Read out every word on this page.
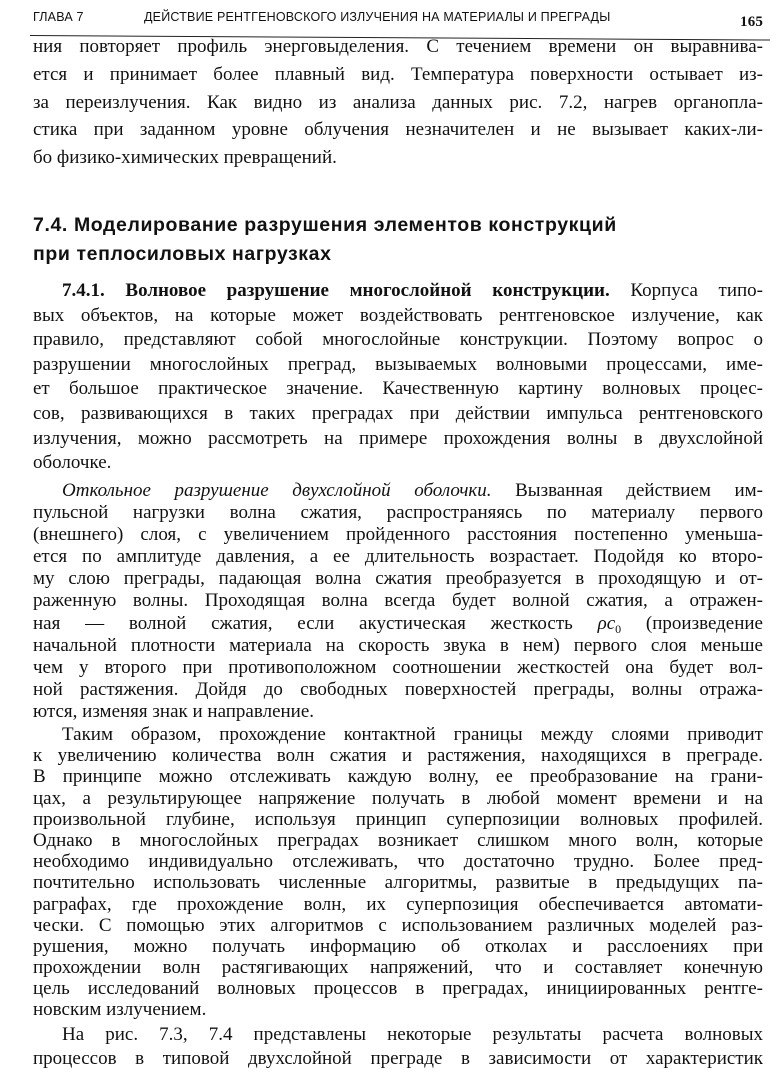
ГЛАВА 7	ДЕЙСТВИЕ РЕНТГЕНОВСКОГО ИЗЛУЧЕНИЯ НА МАТЕРИАЛЫ И ПРЕГРАДЫ	165
7.4. Моделирование разрушения элементов конструкций
при теплосиловых нагрузках
ния повторяет профиль энерговыделения. С течением времени он выравнива-
ется и принимает более плавный вид. Температура поверхности остывает из-
за переизлучения. Как видно из анализа данных рис. 7.2, нагрев органопла-
стика при заданном уровне облучения незначителен и не вызывает каких-ли-
бо физико-химических превращений.
7.4.1. Волновое разрушение многослойной конструкции. Корпуса типо-
вых объектов, на которые может воздействовать рентгеновское излучение, как
правило, представляют собой многослойные конструкции. Поэтому вопрос о
разрушении многослойных преград, вызываемых волновыми процессами, име-
ет большое практическое значение. Качественную картину волновых процес-
сов, развивающихся в таких преградах при действии импульса рентгеновского
излучения, можно рассмотреть на примере прохождения волны в двухслойной
оболочке.
Откольное разрушение двухслойной оболочки. Вызванная действием им-
пульсной нагрузки волна сжатия, распространяясь по материалу первого
(внешнего) слоя, с увеличением пройденного расстояния постепенно уменьша-
ется по амплитуде давления, а ее длительность возрастает. Подойдя ко второ-
му слою преграды, падающая волна сжатия преобразуется в проходящую и от-
раженную волны. Проходящая волна всегда будет волной сжатия, а отражен-
ная — волной сжатия, если акустическая жесткость $\rho c_0$ (произведение
начальной плотности материала на скорость звука в нем) первого слоя меньше
чем у второго при противоположном соотношении жесткостей она будет вол-
ной растяжения. Дойдя до свободных поверхностей преграды, волны отража-
ются, изменяя знак и направление.
Таким образом, прохождение контактной границы между слоями приводит
к увеличению количества волн сжатия и растяжения, находящихся в преграде.
В принципе можно отслеживать каждую волну, ее преобразование на грани-
цах, а результирующее напряжение получать в любой момент времени и на
произвольной глубине, используя принцип суперпозиции волновых профилей.
Однако в многослойных преградах возникает слишком много волн, которые
необходимо индивидуально отслеживать, что достаточно трудно. Более пред-
почтительно использовать численные алгоритмы, развитые в предыдущих па-
раграфах, где прохождение волн, их суперпозиция обеспечивается автомати-
чески. С помощью этих алгоритмов с использованием различных моделей раз-
рушения, можно получать информацию об отколах и расслоениях при
прохождении волн растягивающих напряжений, что и составляет конечную
цель исследований волновых процессов в преградах, инициированных рентге-
новским излучением.
На рис. 7.3, 7.4 представлены некоторые результаты расчета волновых
процессов в типовой двухслойной преграде в зависимости от характеристик
